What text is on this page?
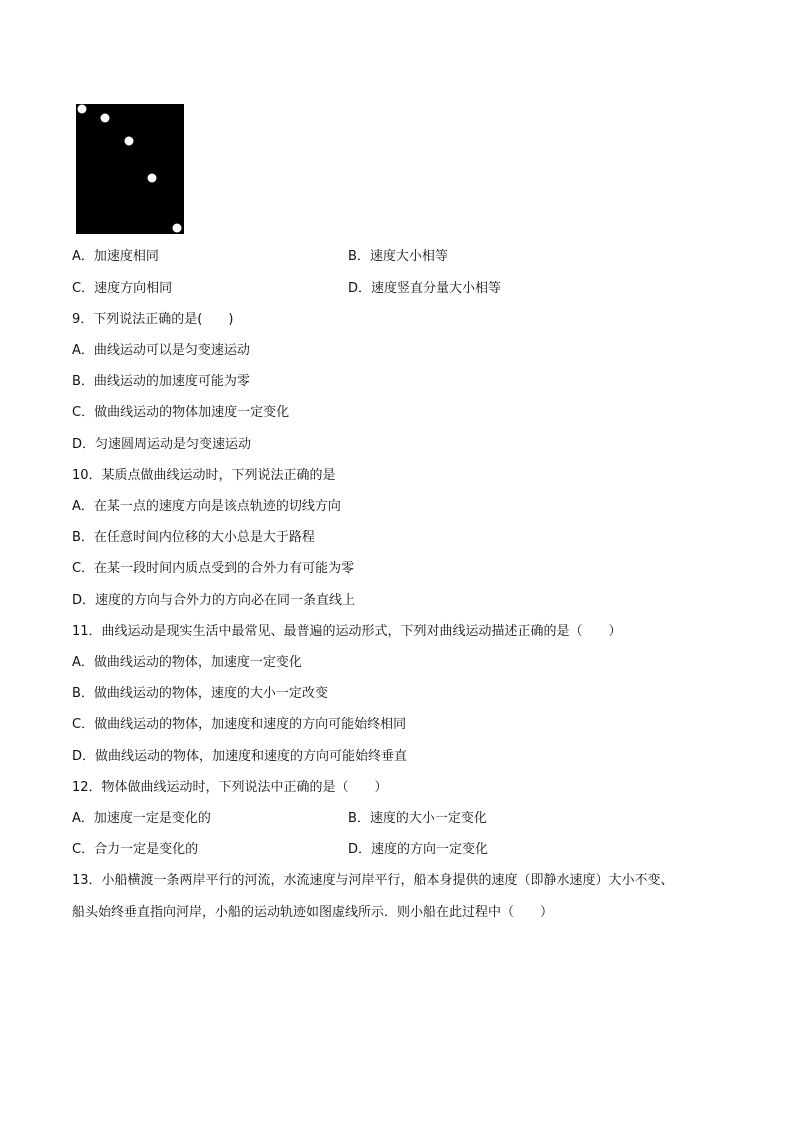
A．加速度相同	B．速度大小相等
C．速度方向相同	D．速度竖直分量大小相等
9．下列说法正确的是(　　)
A．曲线运动可以是匀变速运动
B．曲线运动的加速度可能为零
C．做曲线运动的物体加速度一定变化
D．匀速圆周运动是匀变速运动
10．某质点做曲线运动时，下列说法正确的是
A．在某一点的速度方向是该点轨迹的切线方向
B．在任意时间内位移的大小总是大于路程
C．在某一段时间内质点受到的合外力有可能为零
D．速度的方向与合外力的方向必在同一条直线上
11．曲线运动是现实生活中最常见、最普遍的运动形式，下列对曲线运动描述正确的是（　　）
A．做曲线运动的物体，加速度一定变化
B．做曲线运动的物体，速度的大小一定改变
C．做曲线运动的物体，加速度和速度的方向可能始终相同
D．做曲线运动的物体，加速度和速度的方向可能始终垂直
12．物体做曲线运动时，下列说法中正确的是（　　）
A．加速度一定是变化的	B．速度的大小一定变化
C．合力一定是变化的	D．速度的方向一定变化
13．小船横渡一条两岸平行的河流，水流速度与河岸平行，船本身提供的速度（即静水速度）大小不变、
船头始终垂直指向河岸，小船的运动轨迹如图虚线所示．则小船在此过程中（　　）
